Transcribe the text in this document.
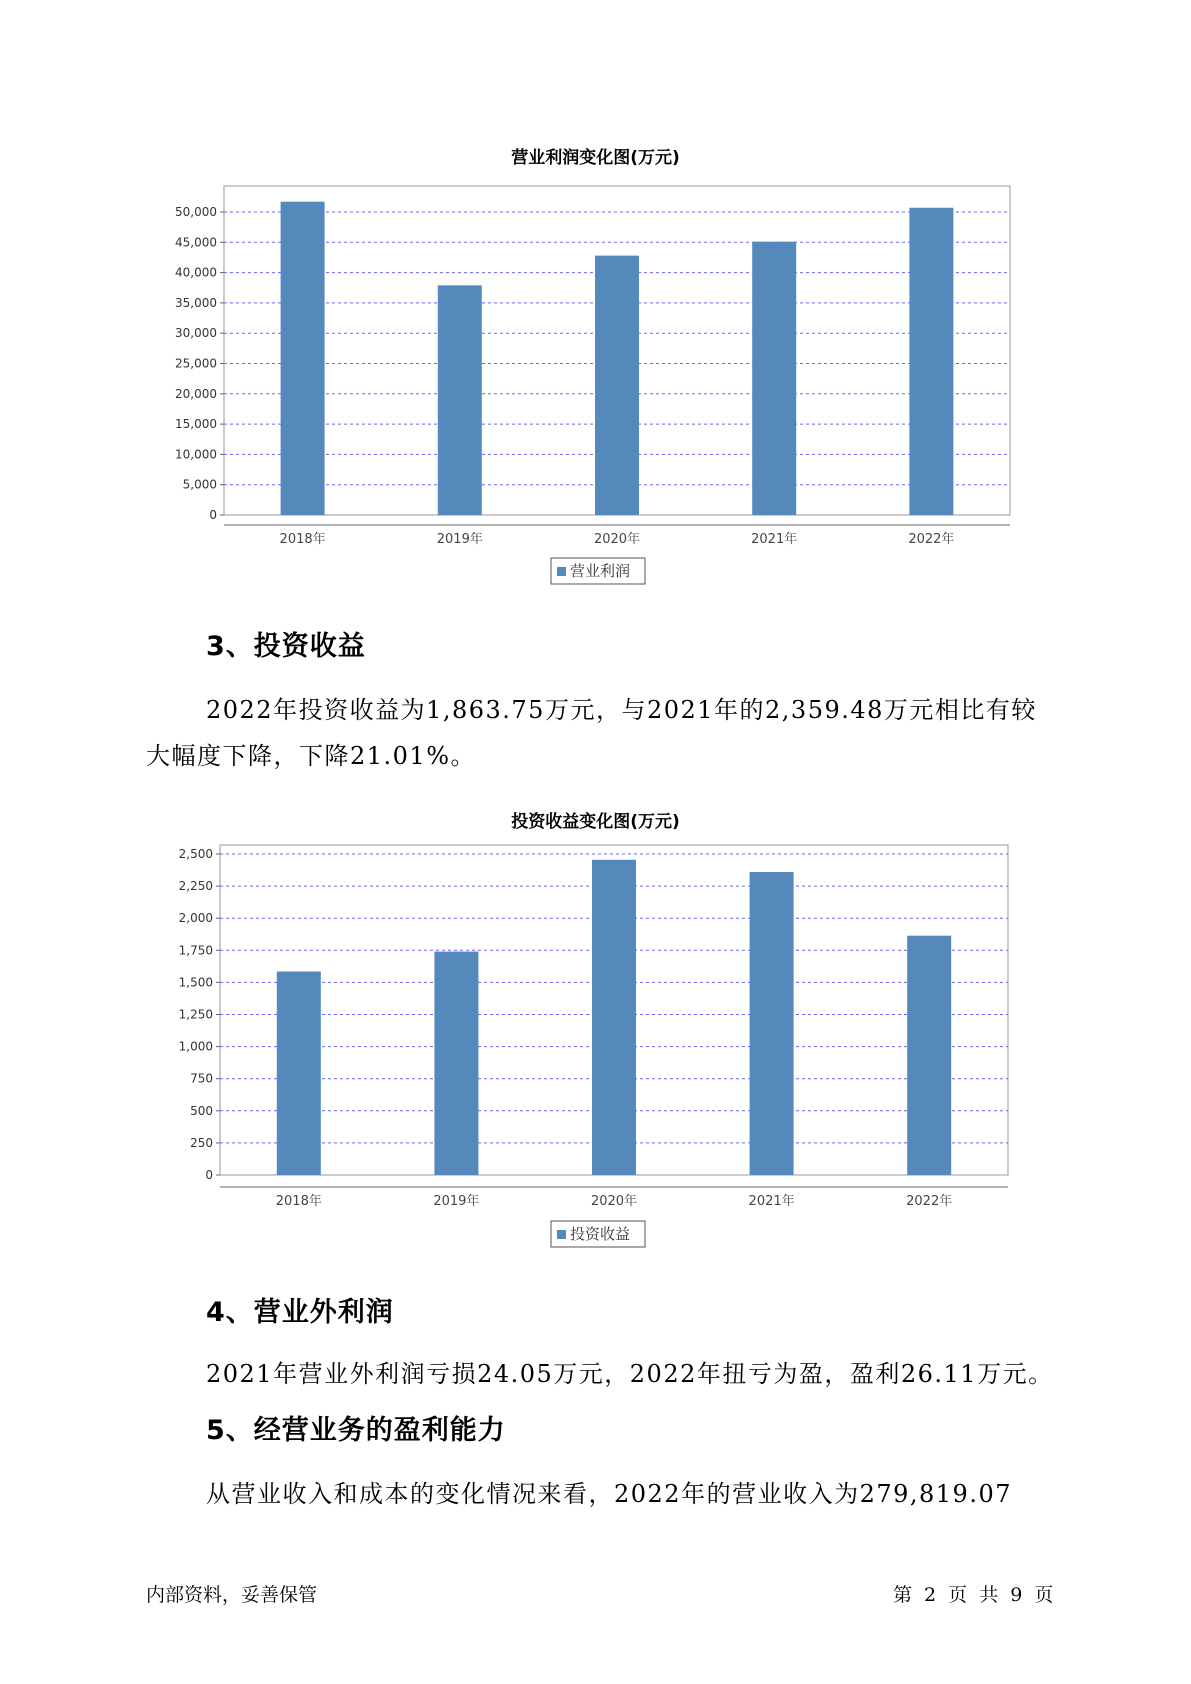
营业利润变化图(万元)
0
5,000
10,000
15,000
20,000
25,000
30,000
35,000
40,000
45,000
50,000
2018年	2019年	2020年	2021年	2022年
营业利润
3、投资收益
2022年投资收益为1,863.75万元，与2021年的2,359.48万元相比有较
大幅度下降，下降21.01%。
投资收益变化图(万元)
0
250
500
750
1,000
1,250
1,500
1,750
2,000
2,250
2,500
2018年	2019年	2020年	2021年	2022年
投资收益
4、营业外利润
2021年营业外利润亏损24.05万元，2022年扭亏为盈，盈利26.11万元。
5、经营业务的盈利能力
从营业收入和成本的变化情况来看，2022年的营业收入为279,819.07
内部资料，妥善保管	第 2 页 共 9 页
